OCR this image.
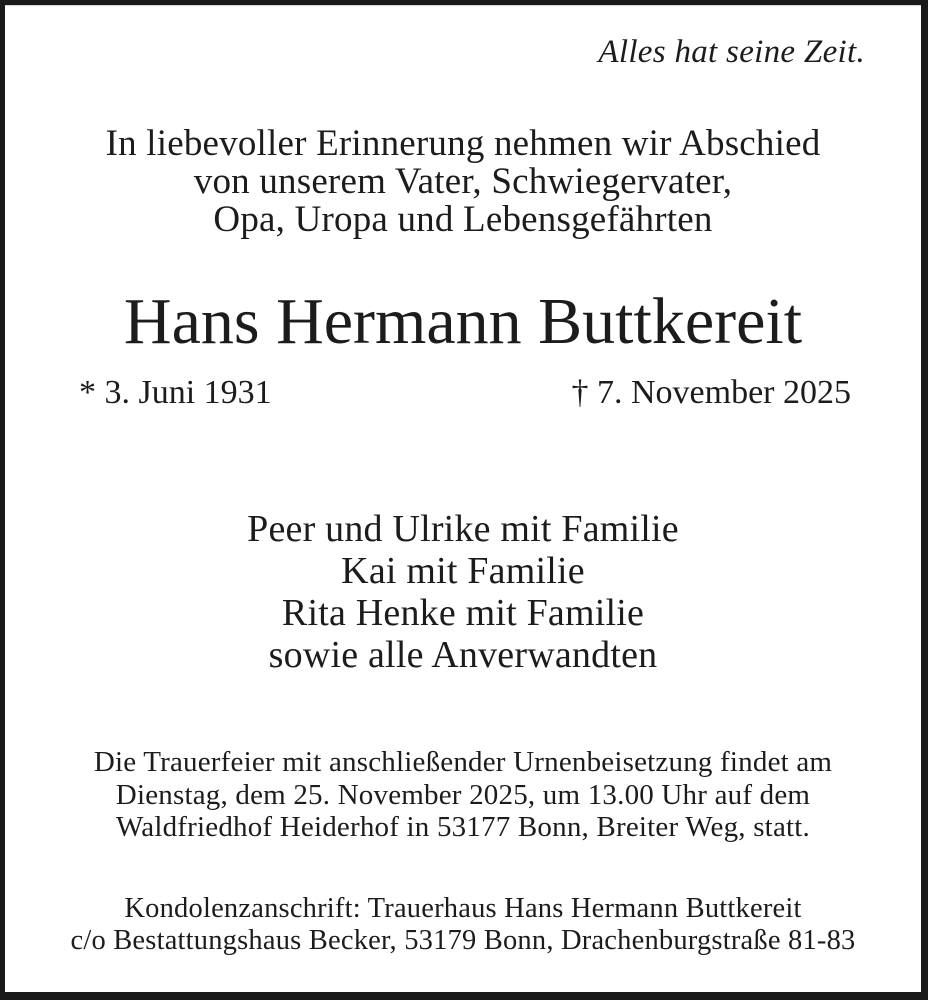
Alles hat seine Zeit.
In liebevoller Erinnerung nehmen wir Abschied
von unserem Vater, Schwiegervater,
Opa, Uropa und Lebensgefährten
Hans Hermann Buttkereit
* 3. Juni 1931	† 7. November 2025
Peer und Ulrike mit Familie
Kai mit Familie
Rita Henke mit Familie
sowie alle Anverwandten
Die Trauerfeier mit anschließender Urnenbeisetzung findet am
Dienstag, dem 25. November 2025, um 13.00 Uhr auf dem
Waldfriedhof Heiderhof in 53177 Bonn, Breiter Weg, statt.
Kondolenzanschrift: Trauerhaus Hans Hermann Buttkereit
c/o Bestattungshaus Becker, 53179 Bonn, Drachenburgstraße 81-83
